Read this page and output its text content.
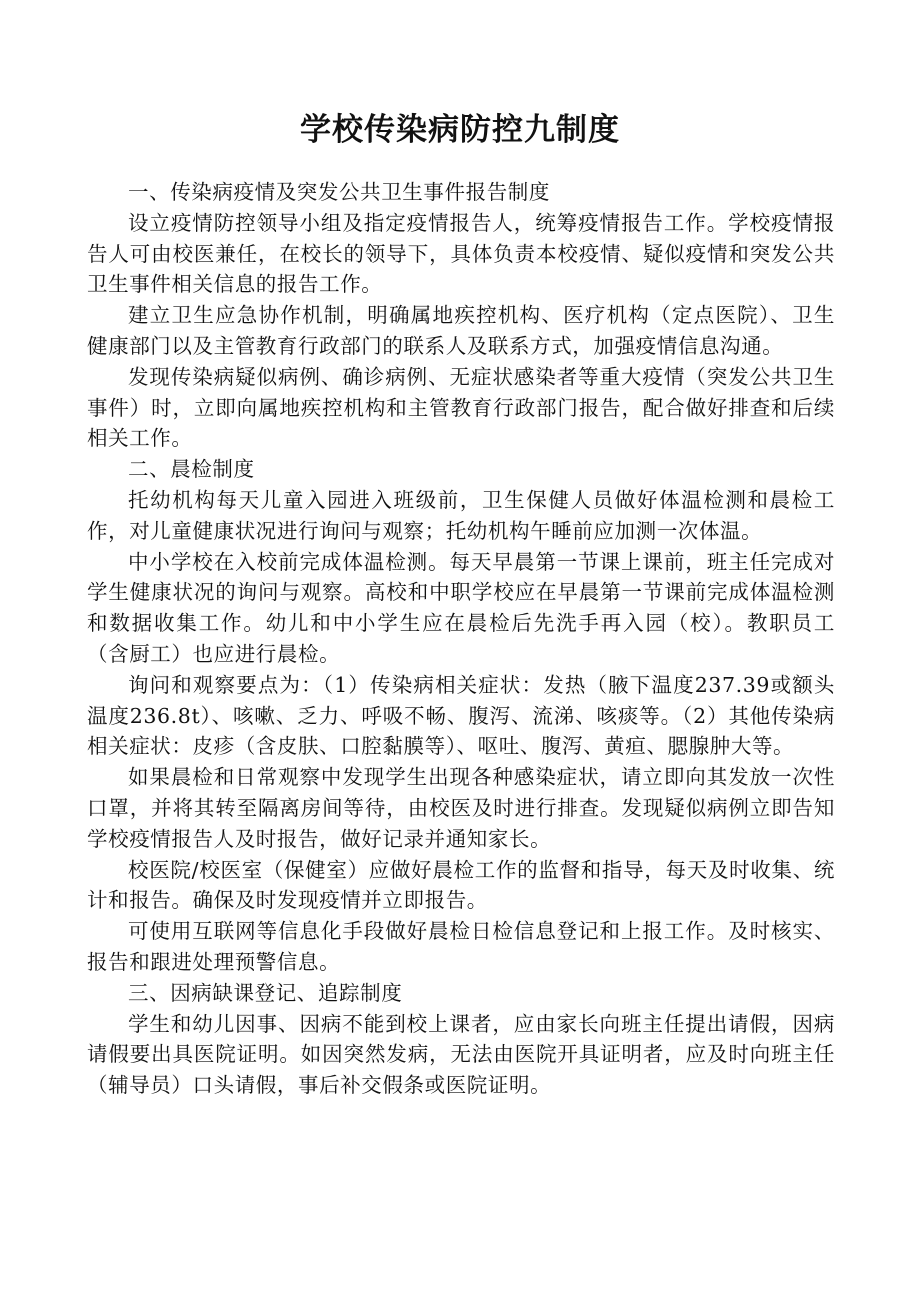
学校传染病防控九制度

一、传染病疫情及突发公共卫生事件报告制度

设立疫情防控领导小组及指定疫情报告人，统筹疫情报告工作。学校疫情报告人可由校医兼任，在校长的领导下，具体负责本校疫情、疑似疫情和突发公共卫生事件相关信息的报告工作。

建立卫生应急协作机制，明确属地疾控机构、医疗机构（定点医院）、卫生健康部门以及主管教育行政部门的联系人及联系方式，加强疫情信息沟通。

发现传染病疑似病例、确诊病例、无症状感染者等重大疫情（突发公共卫生事件）时，立即向属地疾控机构和主管教育行政部门报告，配合做好排查和后续相关工作。

二、晨检制度

托幼机构每天儿童入园进入班级前，卫生保健人员做好体温检测和晨检工作，对儿童健康状况进行询问与观察；托幼机构午睡前应加测一次体温。

中小学校在入校前完成体温检测。每天早晨第一节课上课前，班主任完成对学生健康状况的询问与观察。高校和中职学校应在早晨第一节课前完成体温检测和数据收集工作。幼儿和中小学生应在晨检后先洗手再入园（校）。教职员工（含厨工）也应进行晨检。

询问和观察要点为：（1）传染病相关症状：发热（腋下温度237.39或额头温度236.8t）、咳嗽、乏力、呼吸不畅、腹泻、流涕、咳痰等。（2）其他传染病相关症状：皮疹（含皮肤、口腔黏膜等）、呕吐、腹泻、黄疸、腮腺肿大等。

如果晨检和日常观察中发现学生出现各种感染症状，请立即向其发放一次性口罩，并将其转至隔离房间等待，由校医及时进行排查。发现疑似病例立即告知学校疫情报告人及时报告，做好记录并通知家长。

校医院/校医室（保健室）应做好晨检工作的监督和指导，每天及时收集、统计和报告。确保及时发现疫情并立即报告。

可使用互联网等信息化手段做好晨检日检信息登记和上报工作。及时核实、报告和跟进处理预警信息。

三、因病缺课登记、追踪制度

学生和幼儿因事、因病不能到校上课者，应由家长向班主任提出请假，因病请假要出具医院证明。如因突然发病，无法由医院开具证明者，应及时向班主任（辅导员）口头请假，事后补交假条或医院证明。
